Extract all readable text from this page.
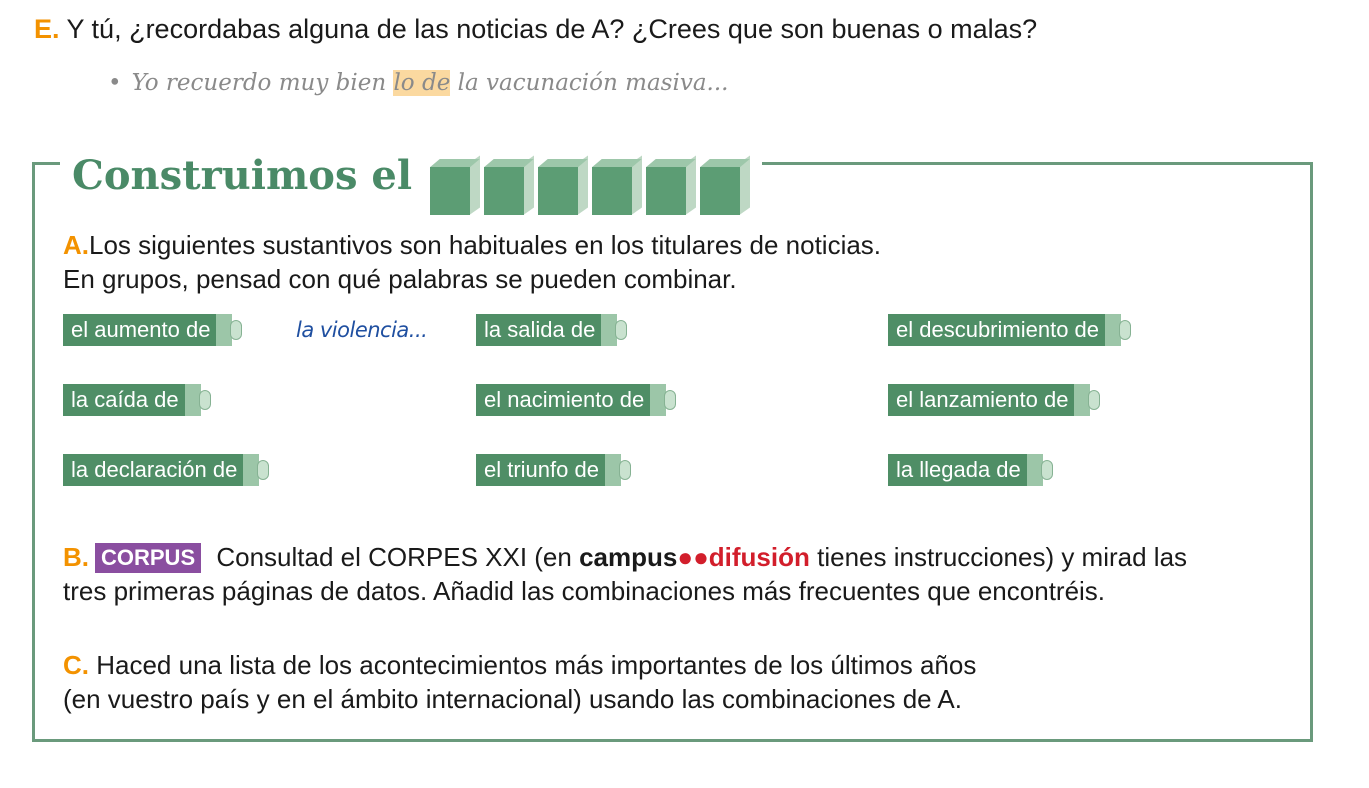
E. Y tú, ¿recordabas alguna de las noticias de A? ¿Crees que son buenas o malas?
• Yo recuerdo muy bien lo de la vacunación masiva...
Construimos el
A.Los siguientes sustantivos son habituales en los titulares de noticias.
En grupos, pensad con qué palabras se pueden combinar.
el aumento de	la salida de	el descubrimiento de
la caída de	el nacimiento de	el lanzamiento de
la declaración de	el triunfo de	la llegada de
la violencia...
B. CORPUS Consultad el CORPES XXI (en campus●●difusión tienes instrucciones) y mirad las
tres primeras páginas de datos. Añadid las combinaciones más frecuentes que encontréis.
C. Haced una lista de los acontecimientos más importantes de los últimos años
(en vuestro país y en el ámbito internacional) usando las combinaciones de A.
